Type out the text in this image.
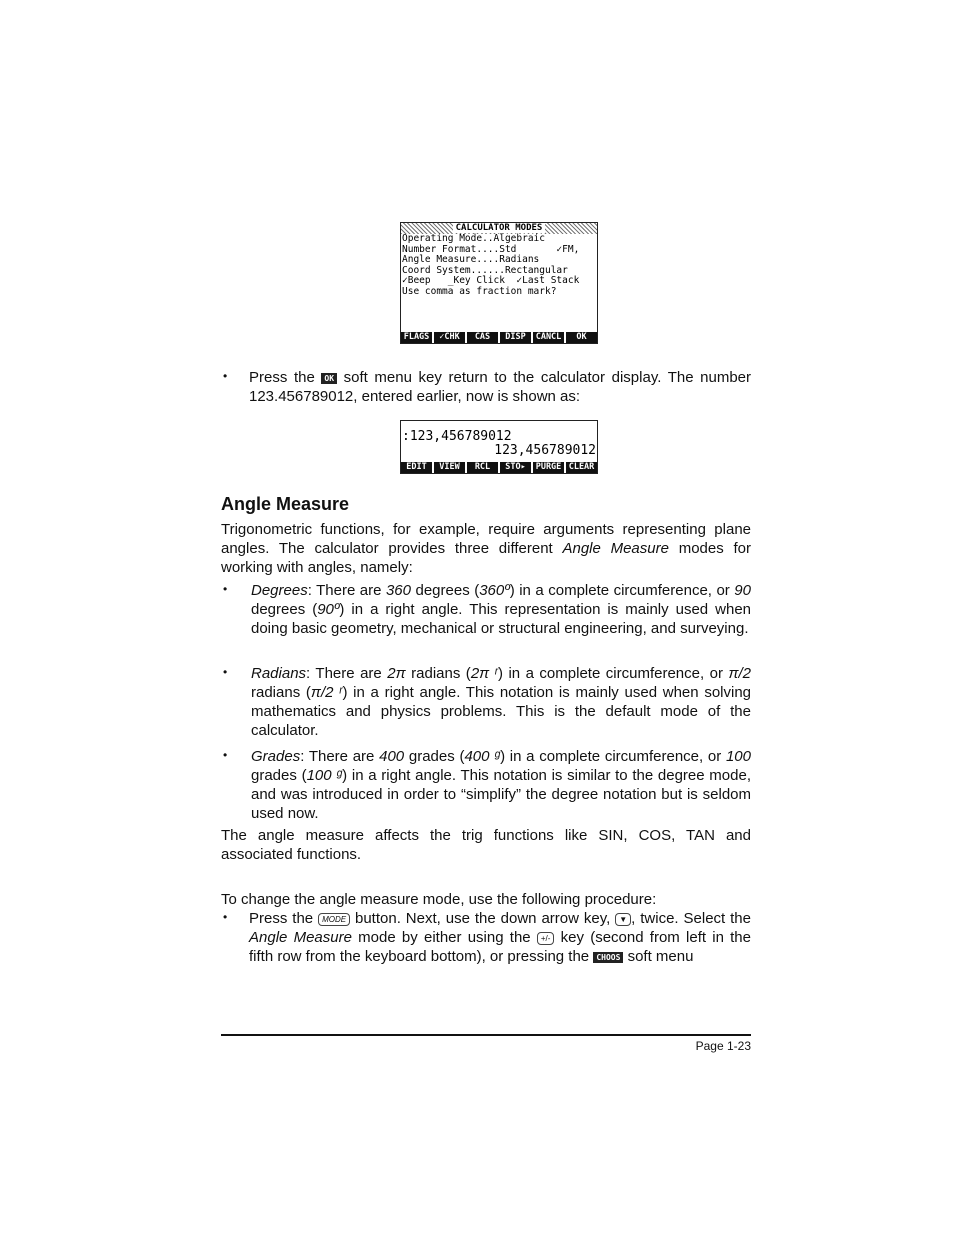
CALCULATOR MODES
Operating Mode..Algebraic
Number Format....Std       ✓FM,
Angle Measure....Radians
Coord System......Rectangular
✓Beep   _Key Click  ✓Last Stack
Use comma as fraction mark?
FLAGS	✓CHK	CAS	DISP	CANCL	OK
• Press the OK soft menu key return to the calculator display. The number 123.456789012, entered earlier, now is shown as:
:123,456789012
123,456789012
EDIT	VIEW	RCL	STO▸	PURGE CLEAR
Angle Measure
Trigonometric functions, for example, require arguments representing plane angles. The calculator provides three different Angle Measure modes for working with angles, namely:
• Degrees: There are 360 degrees (360º) in a complete circumference, or 90 degrees (90º) in a right angle. This representation is mainly used when doing basic geometry, mechanical or structural engineering, and surveying.
• Radians: There are 2π radians (2π ʳ) in a complete circumference, or π/2 radians (π/2 ʳ) in a right angle. This notation is mainly used when solving mathematics and physics problems. This is the default mode of the calculator.
• Grades: There are 400 grades (400 ᵍ) in a complete circumference, or 100 grades (100 ᵍ) in a right angle. This notation is similar to the degree mode, and was introduced in order to “simplify” the degree notation but is seldom used now.
The angle measure affects the trig functions like SIN, COS, TAN and associated functions.
To change the angle measure mode, use the following procedure:
• Press the MODE button. Next, use the down arrow key, ▼ , twice. Select the Angle Measure mode by either using the +/- key (second from left in the fifth row from the keyboard bottom), or pressing the CHOOS soft menu
Page 1-23
